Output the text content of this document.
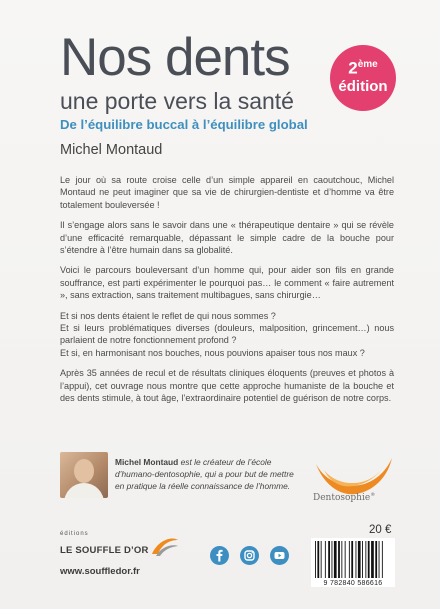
Nos dents
une porte vers la santé
De l’équilibre buccal à l’équilibre global
Michel Montaud
2ème
édition

Le jour où sa route croise celle d’un simple appareil en caoutchouc, Michel Montaud ne peut imaginer que sa vie de chirurgien-dentiste et d’homme va être totalement bouleversée !

Il s’engage alors sans le savoir dans une « thérapeutique dentaire » qui se révèle d’une efficacité remarquable, dépassant le simple cadre de la bouche pour s’étendre à l’être humain dans sa globalité.

Voici le parcours bouleversant d’un homme qui, pour aider son fils en grande souffrance, est parti expérimenter le pourquoi pas… le comment « faire autrement », sans extraction, sans traitement multibagues, sans chirurgie…

Et si nos dents étaient le reflet de qui nous sommes ?

Et si leurs problématiques diverses (douleurs, malposition, grincement…) nous parlaient de notre fonctionnement profond ?

Et si, en harmonisant nos bouches, nous pouvions apaiser tous nos maux ?

Après 35 années de recul et de résultats cliniques éloquents (preuves et photos à l’appui), cet ouvrage nous montre que cette approche humaniste de la bouche et des dents stimule, à tout âge, l’extraordinaire potentiel de guérison de notre corps.

Michel Montaud est le créateur de l’école d’humano-dentosophie, qui a pour but de mettre en pratique la réelle connaissance de l’homme.
Dentosophie®
éditions
LE SOUFFLE D’OR
www.souffledor.fr
20 €
9 782840 586616
